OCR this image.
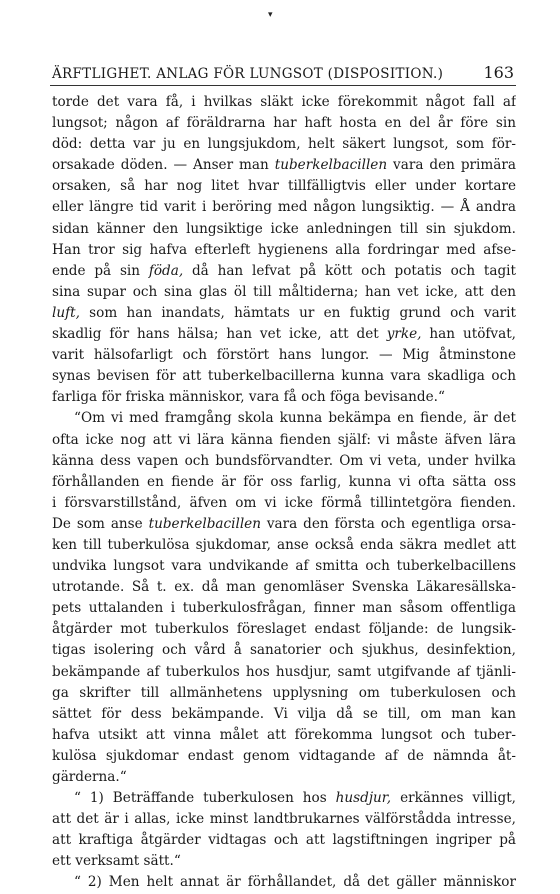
▾
ÄRFTLIGHET. ANLAG FÖR LUNGSOT (DISPOSITION.)	163
torde det vara få, i hvilkas släkt icke förekommit något fall af
lungsot; någon af föräldrarna har haft hosta en del år före sin
död: detta var ju en lungsjukdom, helt säkert lungsot, som för-
orsakade döden. — Anser man tuberkelbacillen vara den primära
orsaken, så har nog litet hvar tillfälligtvis eller under kortare
eller längre tid varit i beröring med någon lungsiktig. — Å andra
sidan känner den lungsiktige icke anledningen till sin sjukdom.
Han tror sig hafva efterleft hygienens alla fordringar med afse-
ende på sin föda, då han lefvat på kött och potatis och tagit
sina supar och sina glas öl till måltiderna; han vet icke, att den
luft, som han inandats, hämtats ur en fuktig grund och varit
skadlig för hans hälsa; han vet icke, att det yrke, han utöfvat,
varit hälsofarligt och förstört hans lungor. — Mig åtminstone
synas bevisen för att tuberkelbacillerna kunna vara skadliga och
farliga för friska människor, vara få och föga bevisande.“
“Om vi med framgång skola kunna bekämpa en fiende, är det
ofta icke nog att vi lära känna fienden själf: vi måste äfven lära
känna dess vapen och bundsförvandter. Om vi veta, under hvilka
förhållanden en fiende är för oss farlig, kunna vi ofta sätta oss
i försvarstillstånd, äfven om vi icke förmå tillintetgöra fienden.
De som anse tuberkelbacillen vara den första och egentliga orsa-
ken till tuberkulösa sjukdomar, anse också enda säkra medlet att
undvika lungsot vara undvikande af smitta och tuberkelbacillens
utrotande. Så t. ex. då man genomläser Svenska Läkaresällska-
pets uttalanden i tuberkulosfrågan, finner man såsom offentliga
åtgärder mot tuberkulos föreslaget endast följande: de lungsik-
tigas isolering och vård å sanatorier och sjukhus, desinfektion,
bekämpande af tuberkulos hos husdjur, samt utgifvande af tjänli-
ga skrifter till allmänhetens upplysning om tuberkulosen och
sättet för dess bekämpande. Vi vilja då se till, om man kan
hafva utsikt att vinna målet att förekomma lungsot och tuber-
kulösa sjukdomar endast genom vidtagande af de nämnda åt-
gärderna.“
“ 1) Beträffande tuberkulosen hos husdjur, erkännes villigt,
att det är i allas, icke minst landtbrukarnes välförstådda intresse,
att kraftiga åtgärder vidtagas och att lagstiftningen ingriper på
ett verksamt sätt.“
“ 2) Men helt annat är förhållandet, då det gäller människor
